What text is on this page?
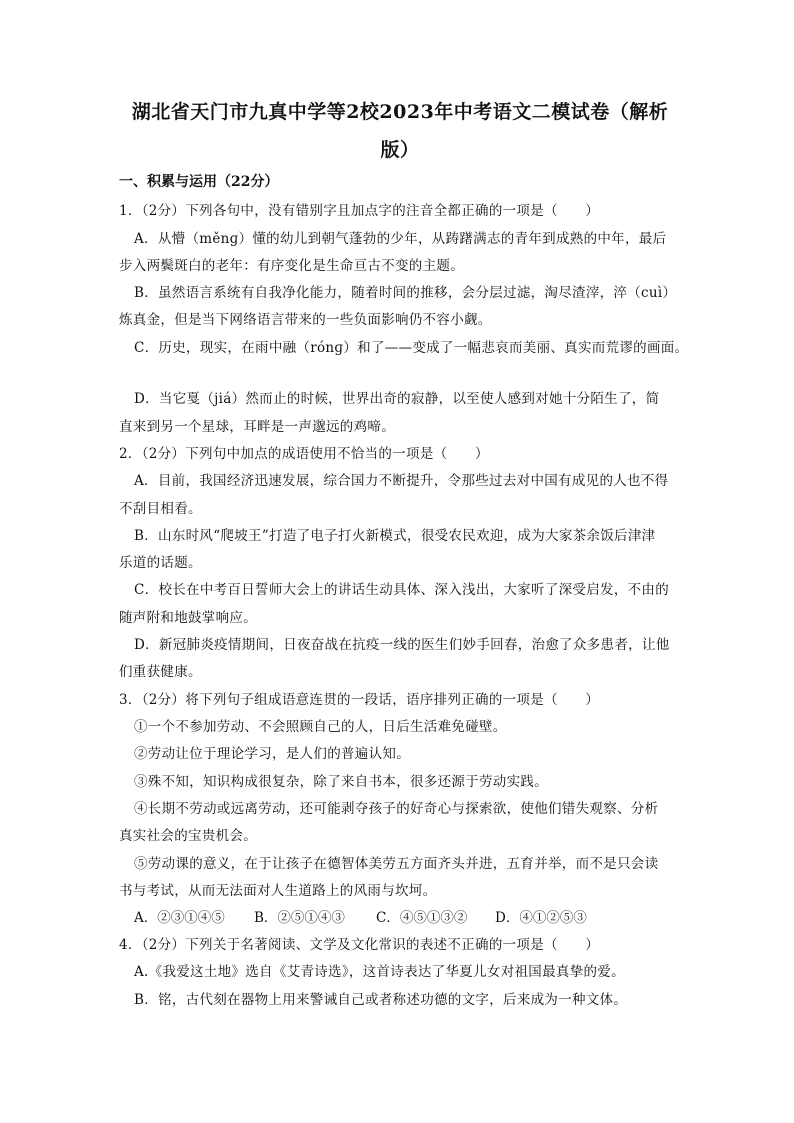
湖北省天门市九真中学等2校2023年中考语文二模试卷（解析
版）
一、积累与运用（22分）
1．（2分）下列各句中，没有错别字且加点字的注音全都正确的一项是（　　）
A．从懵（měnɡ）懂的幼儿到朝气蓬勃的少年，从踌躇满志的青年到成熟的中年，最后
步入两鬓斑白的老年：有序变化是生命亘古不变的主题。
B．虽然语言系统有自我净化能力，随着时间的推移，会分层过滤，淘尽渣滓，淬（cuì）
炼真金，但是当下网络语言带来的一些负面影响仍不容小觑。
C．历史，现实，在雨中融（rónɡ）和了——变成了一幅悲哀而美丽、真实而荒谬的画面。
D．当它戛（jiá）然而止的时候，世界出奇的寂静，以至使人感到对她十分陌生了，简
直来到另一个星球，耳畔是一声邈远的鸡啼。
2．（2分）下列句中加点的成语使用不恰当的一项是（　　）
A．目前，我国经济迅速发展，综合国力不断提升，令那些过去对中国有成见的人也不得
不刮目相看。
B．山东时风“爬坡王”打造了电子打火新模式，很受农民欢迎，成为大家茶余饭后津津
乐道的话题。
C．校长在中考百日誓师大会上的讲话生动具体、深入浅出，大家听了深受启发，不由的
随声附和地鼓掌响应。
D．新冠肺炎疫情期间，日夜奋战在抗疫一线的医生们妙手回春，治愈了众多患者，让他
们重获健康。
3．（2分）将下列句子组成语意连贯的一段话，语序排列正确的一项是（　　）
①一个不参加劳动、不会照顾自己的人，日后生活难免碰壁。
②劳动让位于理论学习，是人们的普遍认知。
③殊不知，知识构成很复杂，除了来自书本，很多还源于劳动实践。
④长期不劳动或远离劳动，还可能剥夺孩子的好奇心与探索欲，使他们错失观察、分析
真实社会的宝贵机会。
⑤劳动课的意义，在于让孩子在德智体美劳五方面齐头并进，五育并举，而不是只会读
书与考试，从而无法面对人生道路上的风雨与坎坷。
A．②③①④⑤ B．②⑤①④③ C．④⑤①③② D．④①②⑤③
4．（2分）下列关于名著阅读、文学及文化常识的表述不正确的一项是（　　）
A.《我爱这土地》选自《艾青诗选》，这首诗表达了华夏儿女对祖国最真挚的爱。
B．铭，古代刻在器物上用来警诫自己或者称述功德的文字，后来成为一种文体。
